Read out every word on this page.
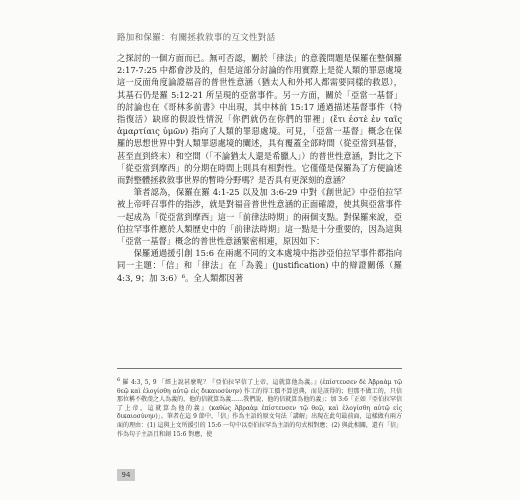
路加和保羅：有關拯救敘事的互文性對話

之探討的一個方面而已。無可否認，關於「律法」的意義問題是保羅在整個羅 2:17-7:25 中都會涉及的，但是這部分討論的作用實際上是從人類的罪惡處境這一反面角度論證福音的普世性意涵（猶太人和外邦人都需要同樣的救恩），其基石仍是羅 5:12-21 所呈現的亞當事件。另一方面，關於「亞當一基督」的討論也在《哥林多前書》中出現，其中林前 15:17 通過描述基督事件（特指復活）缺席的假設性情況「你們就仍在你們的罪裡」(ἔτι ἐστὲ ἐν ταῖς ἁμαρτίαις ὑμῶν) 指向了人類的罪惡處境。可見，「亞當一基督」概念在保羅的思想世界中對人類罪惡處境的闡述，具有覆蓋全部時間（從亞當到基督，甚至直到終末）和空間（「不論猶太人還是希臘人」）的普世性意涵，對比之下「從亞當到摩西」的分期在時間上則具有相對性。它僅僅是保羅為了方便論述而對整體拯救敘事世界的暫時分野嗎？是否具有更深刻的意涵？

筆者認為，保羅在羅 4:1-25 以及加 3:6-29 中對《創世記》中亞伯拉罕被上帝呼召事件的指涉，就是對福音普世性意涵的正面確證，使其與亞當事件一起成為「從亞當到摩西」這一「前律法時期」的兩個支點。對保羅來說，亞伯拉罕事件應於人類歷史中的「前律法時期」這一點是十分重要的，因為這與「亞當一基督」概念的普世性意涵緊密相連，原因如下：

保羅通過援引創 15:6 在兩處不同的文本處境中指涉亞伯拉罕事件都指向同一主題：「信」和「律法」在「為義」(justification) 中的辯證關係（羅 4:3, 9；加 3:6）⁶。全人類都因著

$^6$ 羅 4:3, 5, 9 「經上說甚麼呢？『亞伯拉罕信了上帝，這就算他為義。』(ἐπίστευσεν δὲ Ἀβραὰμ τῷ θεῷ καὶ ἐλογίσθη αὐτῷ εἰς δικαιοσύνην) 作工的得工價不算恩典，而是該得的；但那不做工的，只信那位稱不敬虔之人為義的，他的信就算為義……我們說，他的信就算為他的義」；加 3:6「正如『亞伯拉罕信了上帝，這就算為他的義』(καθὼς Ἀβραὰμ ἐπίστευσεν τῷ θεῷ, καὶ ἐλογίσθη αὐτῷ εἰς δικαιοσύνην)」。筆者在這 9 節中，「信」作為主語的原文句法「講解」出現在此句最前面，這樣做有兩方面的理由：(1) 這與上文所援引的 15:6 一句中以亞伯拉罕為主語的句式相對應；(2) 與此相關，還有「信」作為句子主語且和創 15:6 對應，使
94
